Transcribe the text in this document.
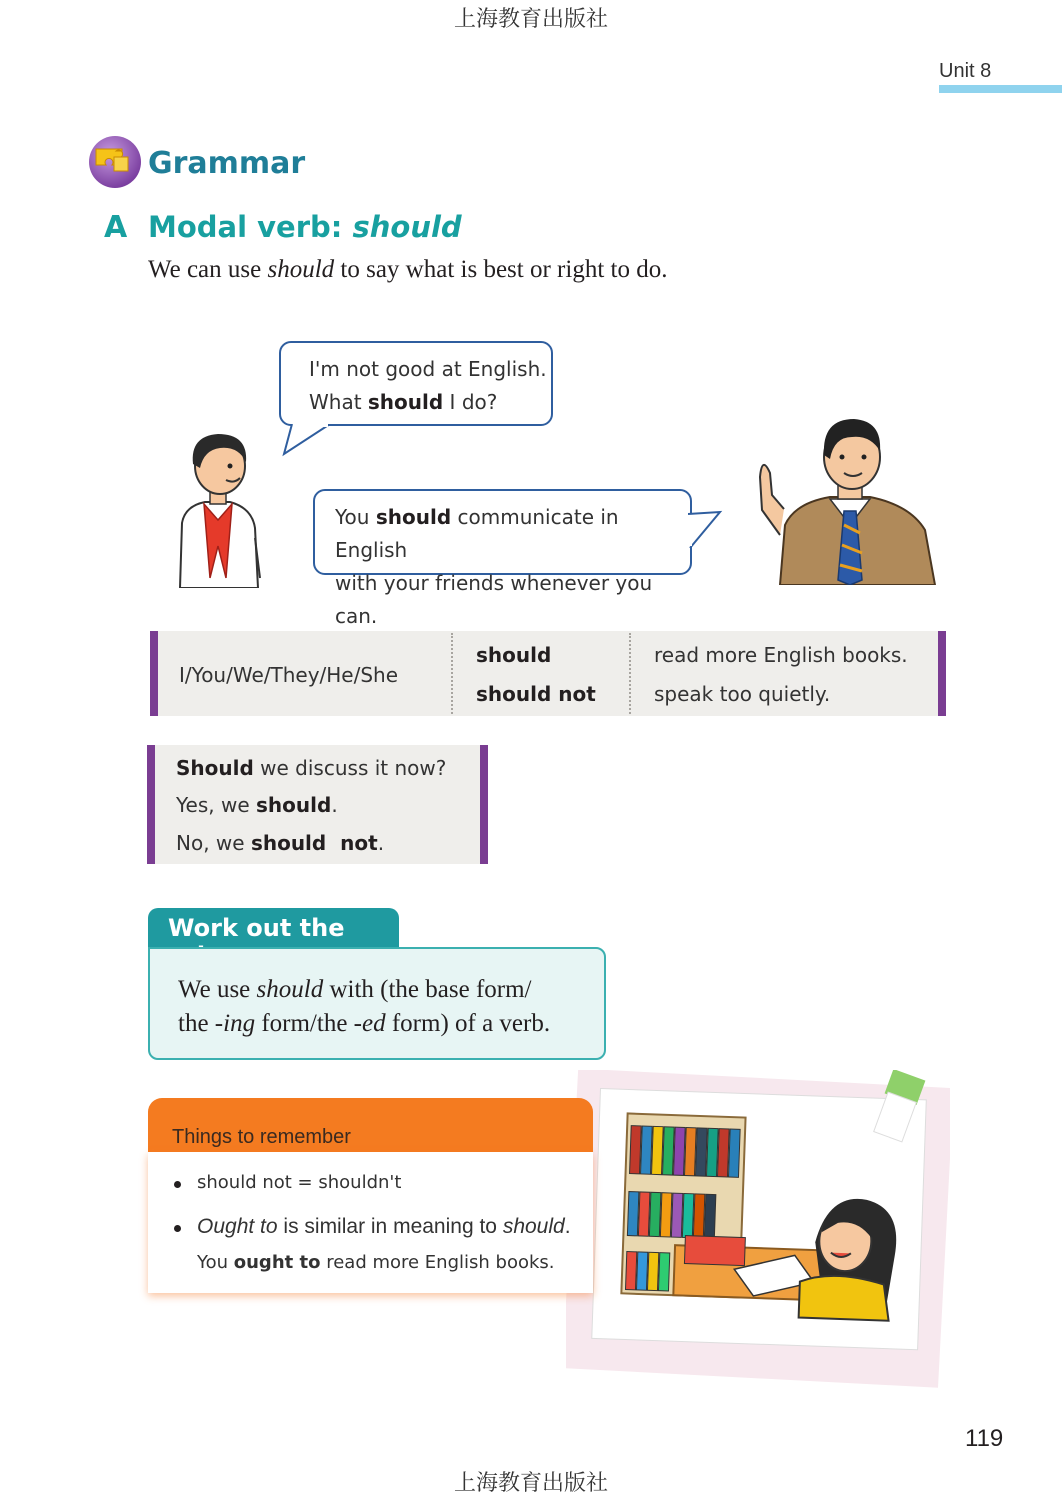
上海教育出版社
Unit 8
Grammar
A Modal verb: should
We can use should to say what is best or right to do.
I'm not good at English.
What should I do?
You should communicate in English
with your friends whenever you can.
I/You/We/They/He/She
should
should not
read more English books.
speak too quietly.
Should we discuss it now?
Yes, we should.
No, we should  not.
Work out the
We use should with (the base form/
the -ing form/the -ed form) of a verb.
Things to remember
should not = shouldn't
Ought to is similar in meaning to should.
You ought to read more English books.
119
上海教育出版社
